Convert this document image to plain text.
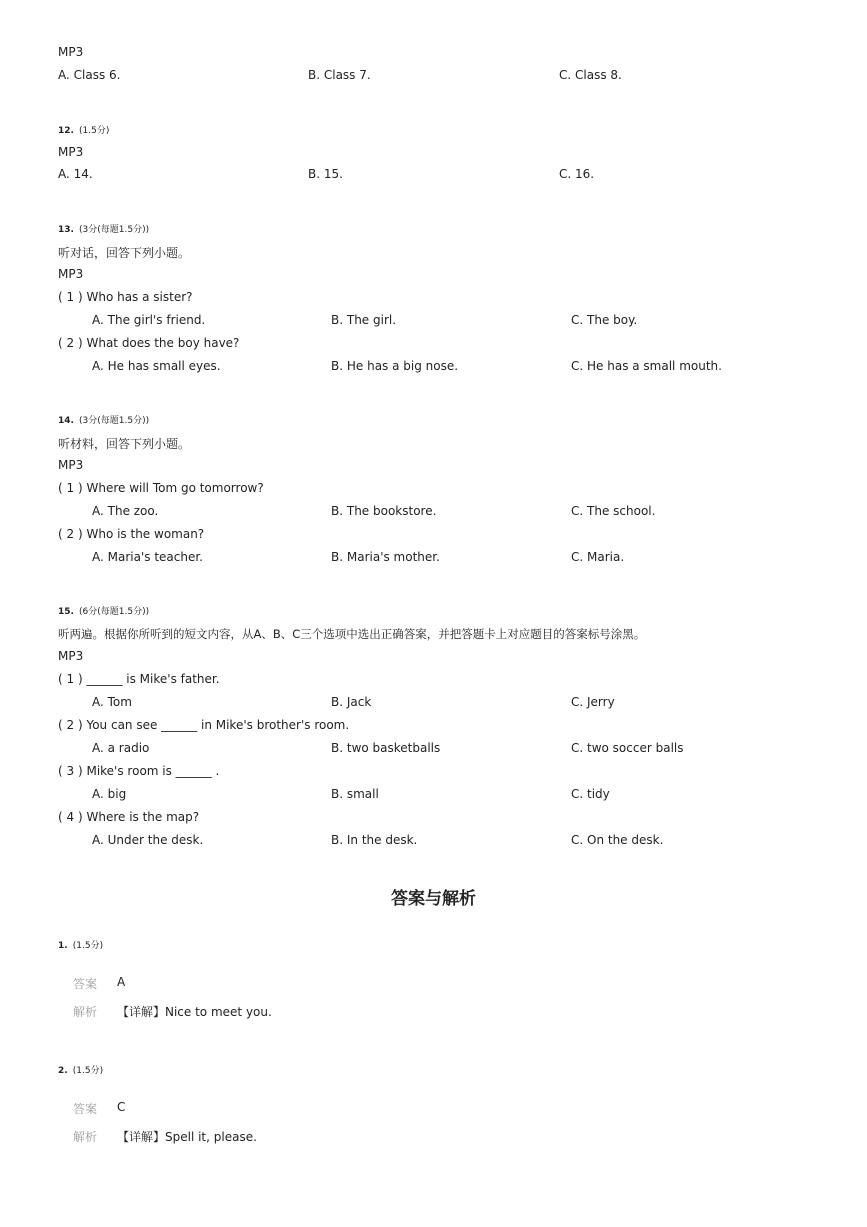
MP3
A. Class 6.	B. Class 7.	C. Class 8.
12. (1.5分)
MP3
A. 14.	B. 15.	C. 16.
13. (3分(每题1.5分))
听对话，回答下列小题。
MP3
( 1 ) Who has a sister?
A. The girl's friend.	B. The girl.	C. The boy.
( 2 ) What does the boy have?
A. He has small eyes.	B. He has a big nose.	C. He has a small mouth.
14. (3分(每题1.5分))
听材料，回答下列小题。
MP3
( 1 ) Where will Tom go tomorrow?
A. The zoo.	B. The bookstore.	C. The school.
( 2 ) Who is the woman?
A. Maria's teacher.	B. Maria's mother.	C. Maria.
15. (6分(每题1.5分))
听两遍。根据你所听到的短文内容，从A、B、C三个选项中选出正确答案，并把答题卡上对应题目的答案标号涂黑。
MP3
( 1 ) ______ is Mike's father.
A. Tom	B. Jack	C. Jerry
( 2 ) You can see ______ in Mike's brother's room.
A. a radio	B. two basketballs	C. two soccer balls
( 3 ) Mike's room is ______ .
A. big	B. small	C. tidy
( 4 ) Where is the map?
A. Under the desk.	B. In the desk.	C. On the desk.
答案与解析
1. (1.5分)
答案 A
解析 【详解】Nice to meet you.
2. (1.5分)
答案 C
解析 【详解】Spell it, please.
